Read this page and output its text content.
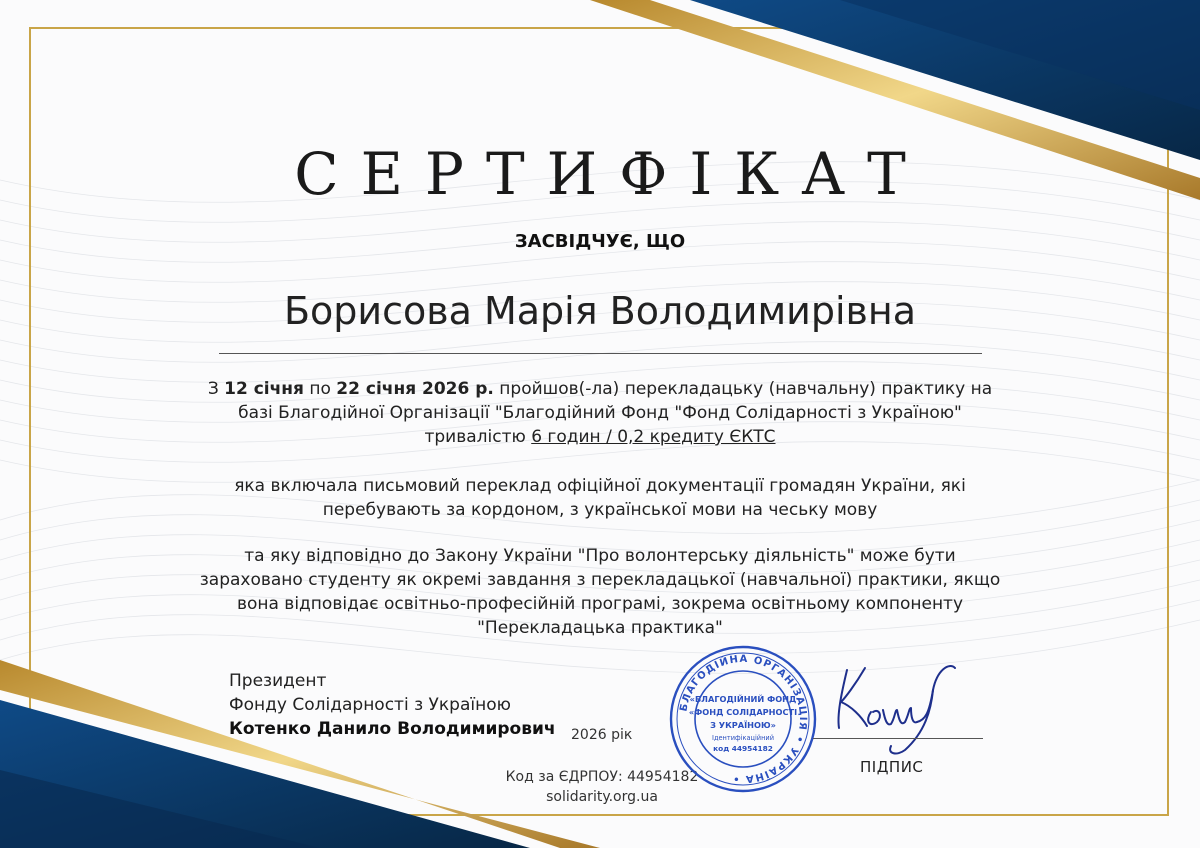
СЕРТИФІКАТ
ЗАСВІДЧУЄ, ЩО
Борисова Марія Володимирівна
З 12 січня по 22 січня 2026 р. пройшов(-ла) перекладацьку (навчальну) практику на
базі Благодійної Організації "Благодійний Фонд "Фонд Солідарності з Україною"
тривалістю 6 годин / 0,2 кредиту ЄКТС
яка включала письмовий переклад офіційної документації громадян України, які
перебувають за кордоном, з української мови на чеську мову
та яку відповідно до Закону України "Про волонтерську діяльність" може бути
зараховано студенту як окремі завдання з перекладацької (навчальної) практики, якщо
вона відповідає освітньо-професійній програмі, зокрема освітньому компоненту
"Перекладацька практика"
Президент
Фонду Солідарності з Україною
Котенко Данило Володимирович 2026 рік
Код за ЄДРПОУ: 44954182
solidarity.org.ua
БЛАГОДІЙНА ОРГАНІЗАЦІЯ • УКРАЇНА •
«БЛАГОДІЙНИЙ ФОНД
«ФОНД СОЛІДАРНОСТІ
З УКРАЇНОЮ»
Ідентифікаційний
код 44954182
ПІДПИС
